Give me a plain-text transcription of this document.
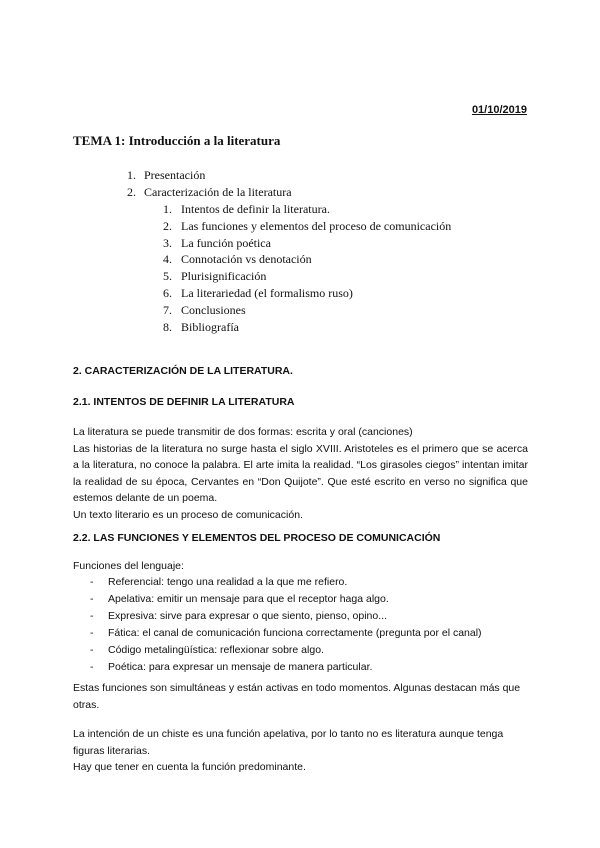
01/10/2019
TEMA 1: Introducción a la literatura
1. Presentación
2. Caracterización de la literatura
1. Intentos de definir la literatura.
2. Las funciones y elementos del proceso de comunicación
3. La función poética
4. Connotación vs denotación
5. Plurisignificación
6. La literariedad (el formalismo ruso)
7. Conclusiones
8. Bibliografía
2. CARACTERIZACIÓN DE LA LITERATURA.
2.1. INTENTOS DE DEFINIR LA LITERATURA

La literatura se puede transmitir de dos formas: escrita y oral (canciones)

Las historias de la literatura no surge hasta el siglo XVIII. Aristoteles es el primero que se acerca a la literatura, no conoce la palabra. El arte imita la realidad. “Los girasoles ciegos” intentan imitar la realidad de su época, Cervantes en “Don Quijote”. Que esté escrito en verso no significa que estemos delante de un poema.

Un texto literario es un proceso de comunicación.

2.2. LAS FUNCIONES Y ELEMENTOS DEL PROCESO DE COMUNICACIÓN
Funciones del lenguaje:
- Referencial: tengo una realidad a la que me refiero.
- Apelativa: emitir un mensaje para que el receptor haga algo.
- Expresiva: sirve para expresar o que siento, pienso, opino...
- Fática: el canal de comunicación funciona correctamente (pregunta por el canal)
- Código metalingüística: reflexionar sobre algo.
- Poética: para expresar un mensaje de manera particular.
Estas funciones son simultáneas y están activas en todo momentos. Algunas destacan más que otras.

La intención de un chiste es una función apelativa, por lo tanto no es literatura aunque tenga figuras literarias.

Hay que tener en cuenta la función predominante.
